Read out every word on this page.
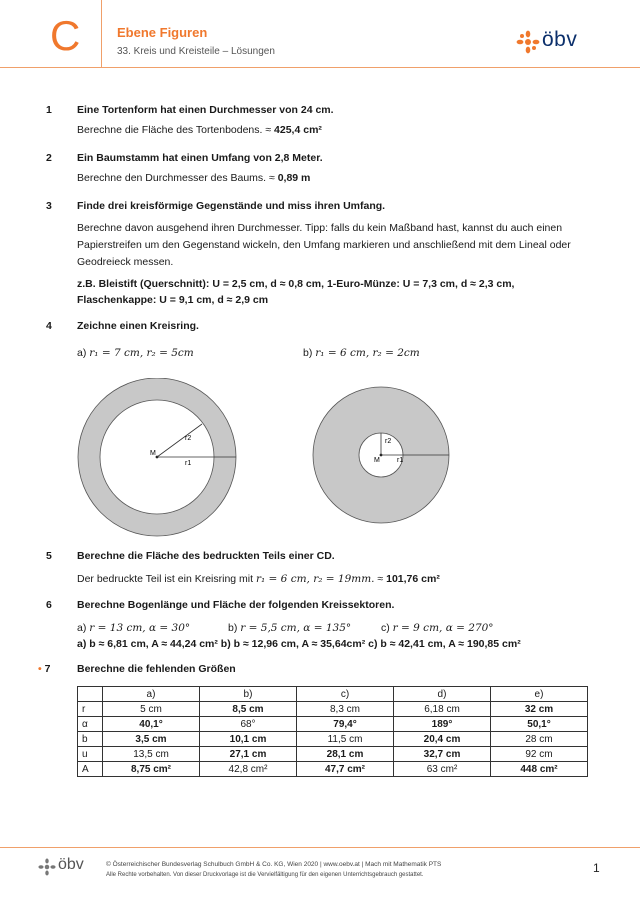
C	Ebene Figuren
33. Kreis und Kreisteile – Lösungen
öbv
1 Eine Tortenform hat einen Durchmesser von 24 cm.
Berechne die Fläche des Tortenbodens. ≈ 425,4 cm²
2 Ein Baumstamm hat einen Umfang von 2,8 Meter.
Berechne den Durchmesser des Baums. ≈ 0,89 m
3 Finde drei kreisförmige Gegenstände und miss ihren Umfang.
Berechne davon ausgehend ihren Durchmesser. Tipp: falls du kein Maßband hast, kannst du auch einen Papierstreifen um den Gegenstand wickeln, den Umfang markieren und anschließend mit dem Lineal oder Geodreieck messen.
z.B. Bleistift (Querschnitt): U = 2,5 cm, d ≈ 0,8 cm, 1-Euro-Münze: U = 7,3 cm, d ≈ 2,3 cm,
Flaschenkappe: U = 9,1 cm, d ≈ 2,9 cm
4 Zeichne einen Kreisring.
a) r₁ = 7 cm, r₂ = 5cm	b) r₁ = 6 cm, r₂ = 2cm
M
r2
r1	M
r2
r1
5 Berechne die Fläche des bedruckten Teils einer CD.
Der bedruckte Teil ist ein Kreisring mit r₁ = 6 cm, r₂ = 19mm. ≈ 101,76 cm²
6 Berechne Bogenlänge und Fläche der folgenden Kreissektoren.
a) r = 13 cm, α = 30°	b) r = 5,5 cm, α = 135°	c) r = 9 cm, α = 270°
a) b ≈ 6,81 cm, A ≈ 44,24 cm² b) b ≈ 12,96 cm, A ≈ 35,64cm² c) b ≈ 42,41 cm, A ≈ 190,85 cm²
• 7	Berechne die fehlenden Größen
	a)	b)	c)	d)	e)
r	5 cm	8,5 cm	8,3 cm	6,18 cm	32 cm
α	40,1°	68°	79,4°	189°	50,1°
b	3,5 cm	10,1 cm	11,5 cm	20,4 cm	28 cm
u	13,5 cm	27,1 cm	28,1 cm	32,7 cm	92 cm
A	8,75 cm²	42,8 cm²	47,7 cm²	63 cm²	448 cm²
öbv	© Österreichischer Bundesverlag Schulbuch GmbH & Co. KG, Wien 2020 | www.oebv.at | Mach mit Mathematik PTS
Alle Rechte vorbehalten. Von dieser Druckvorlage ist die Vervielfältigung für den eigenen Unterrichtsgebrauch gestattet.	1
